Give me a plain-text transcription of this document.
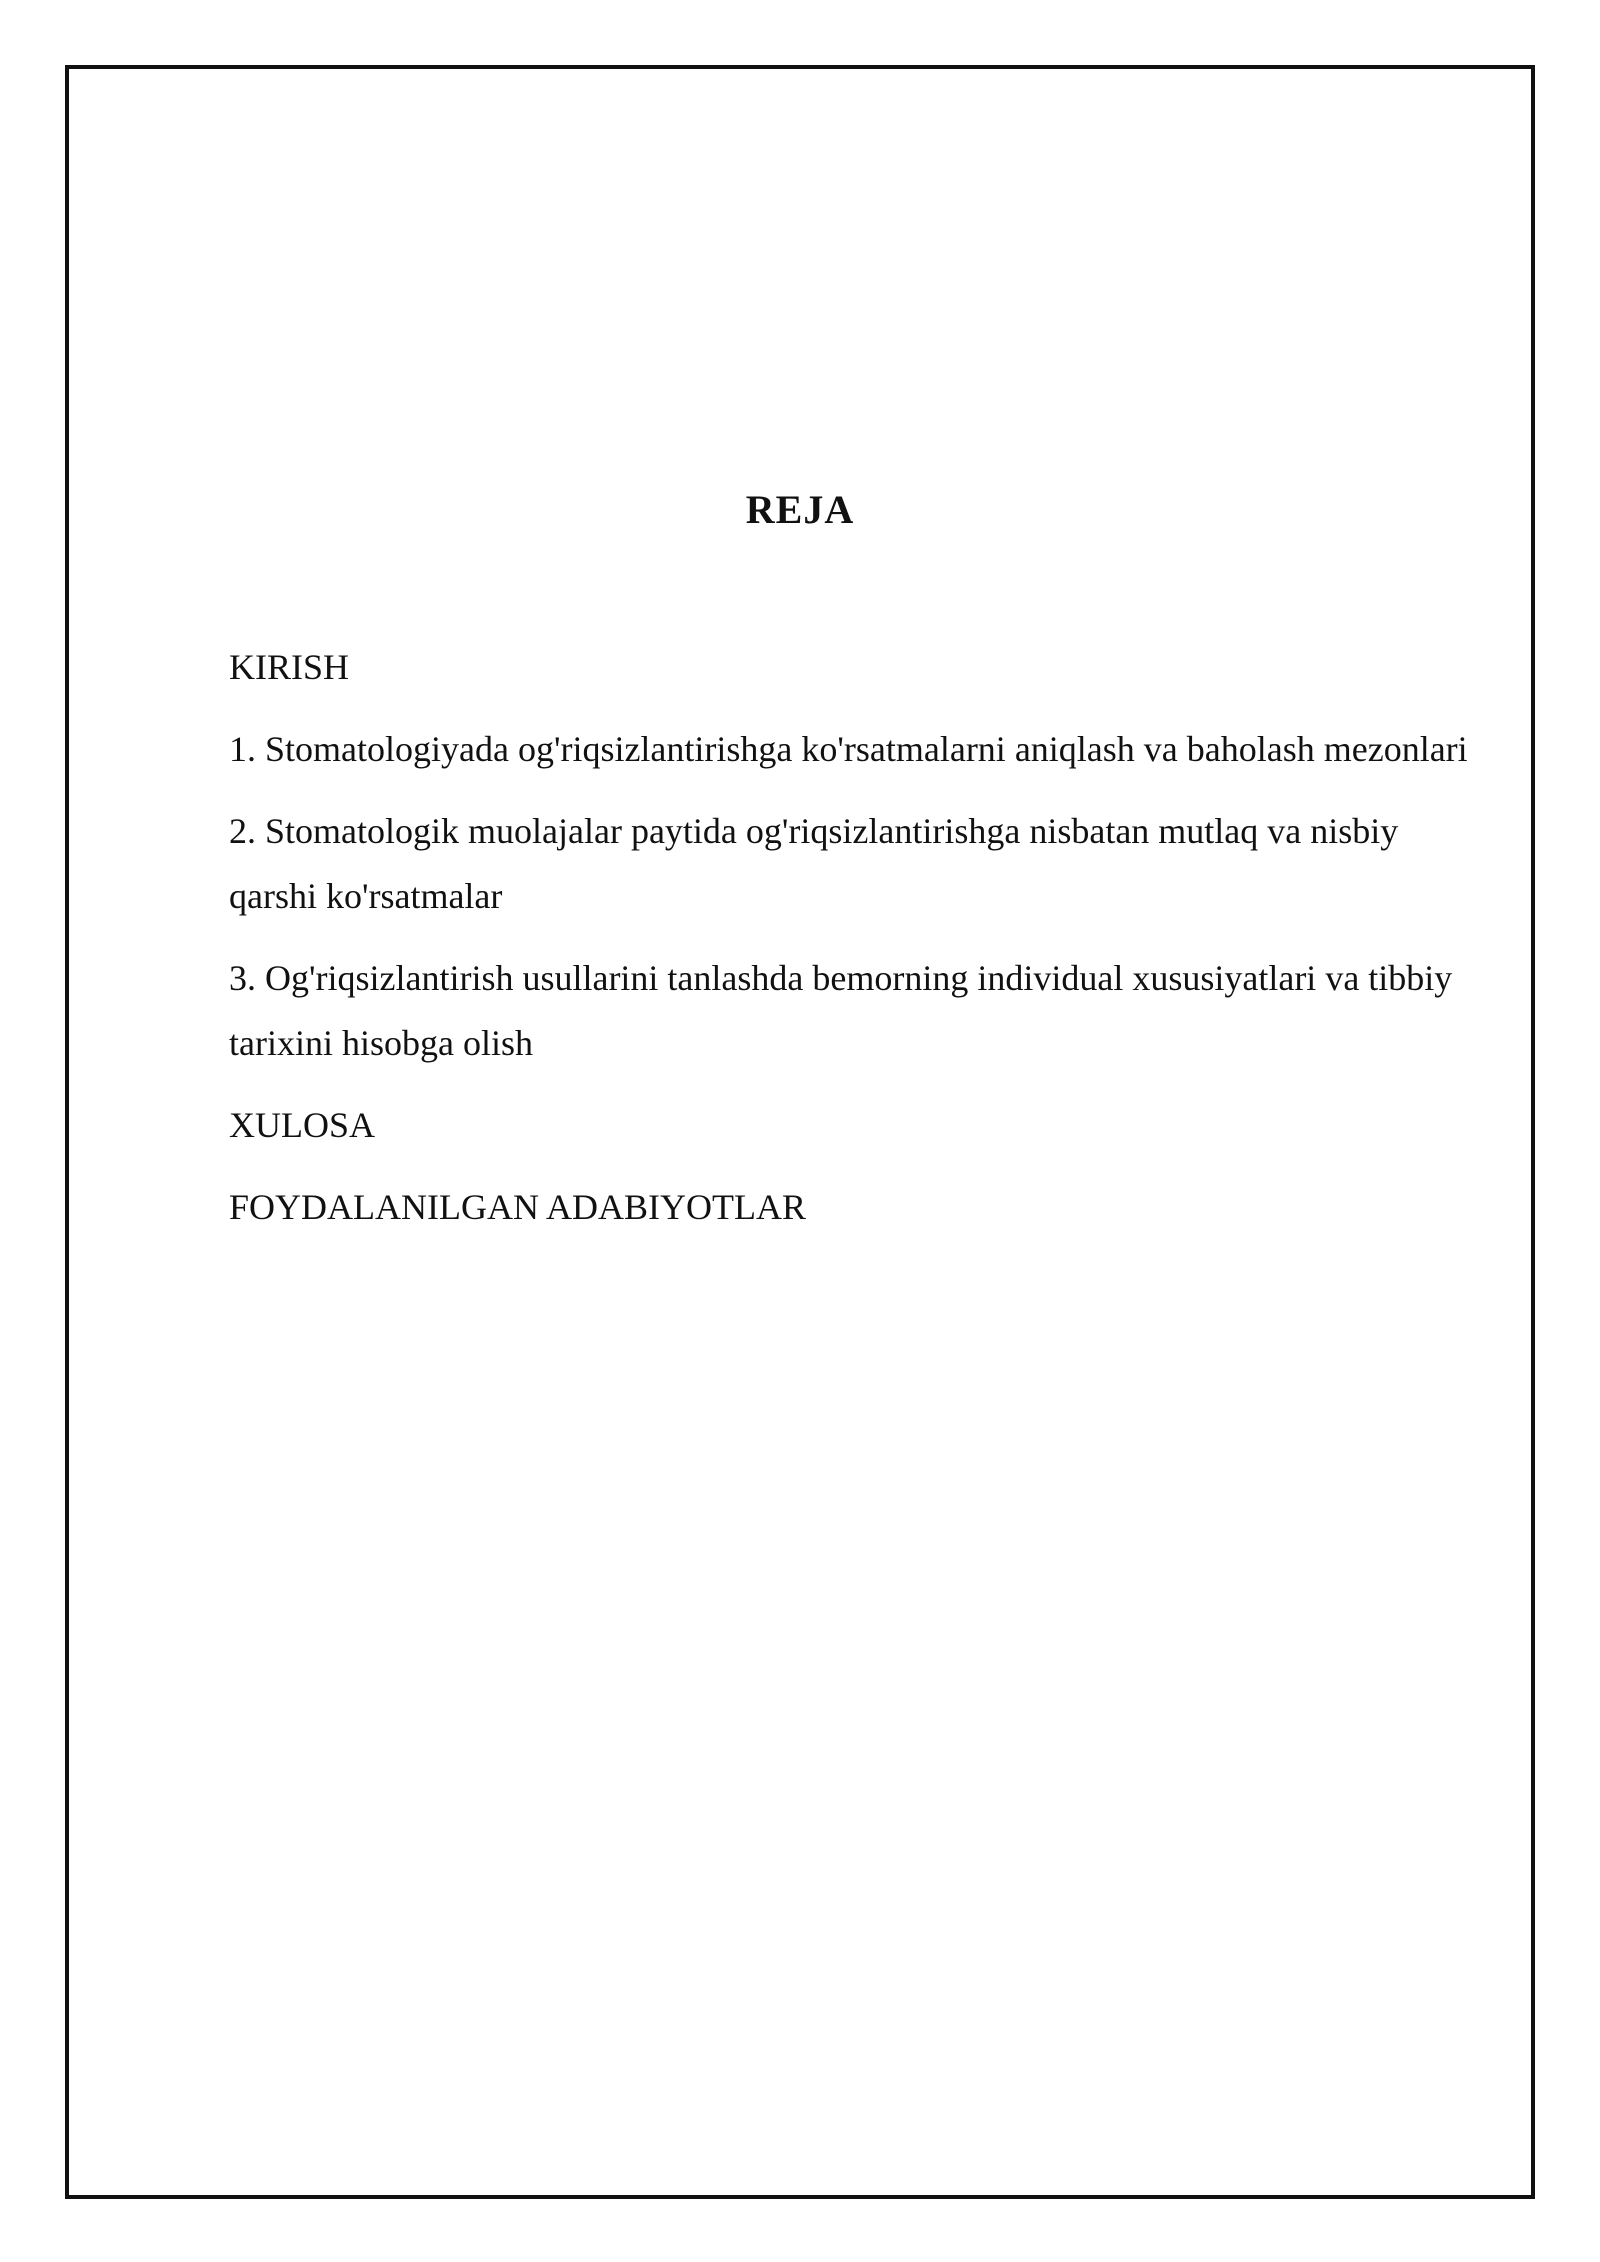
REJA
KIRISH
1. Stomatologiyada og'riqsizlantirishga ko'rsatmalarni aniqlash va baholash mezonlari
2. Stomatologik muolajalar paytida og'riqsizlantirishga nisbatan mutlaq va nisbiy qarshi ko'rsatmalar
3. Og'riqsizlantirish usullarini tanlashda bemorning individual xususiyatlari va tibbiy tarixini hisobga olish
XULOSA
FOYDALANILGAN ADABIYOTLAR
